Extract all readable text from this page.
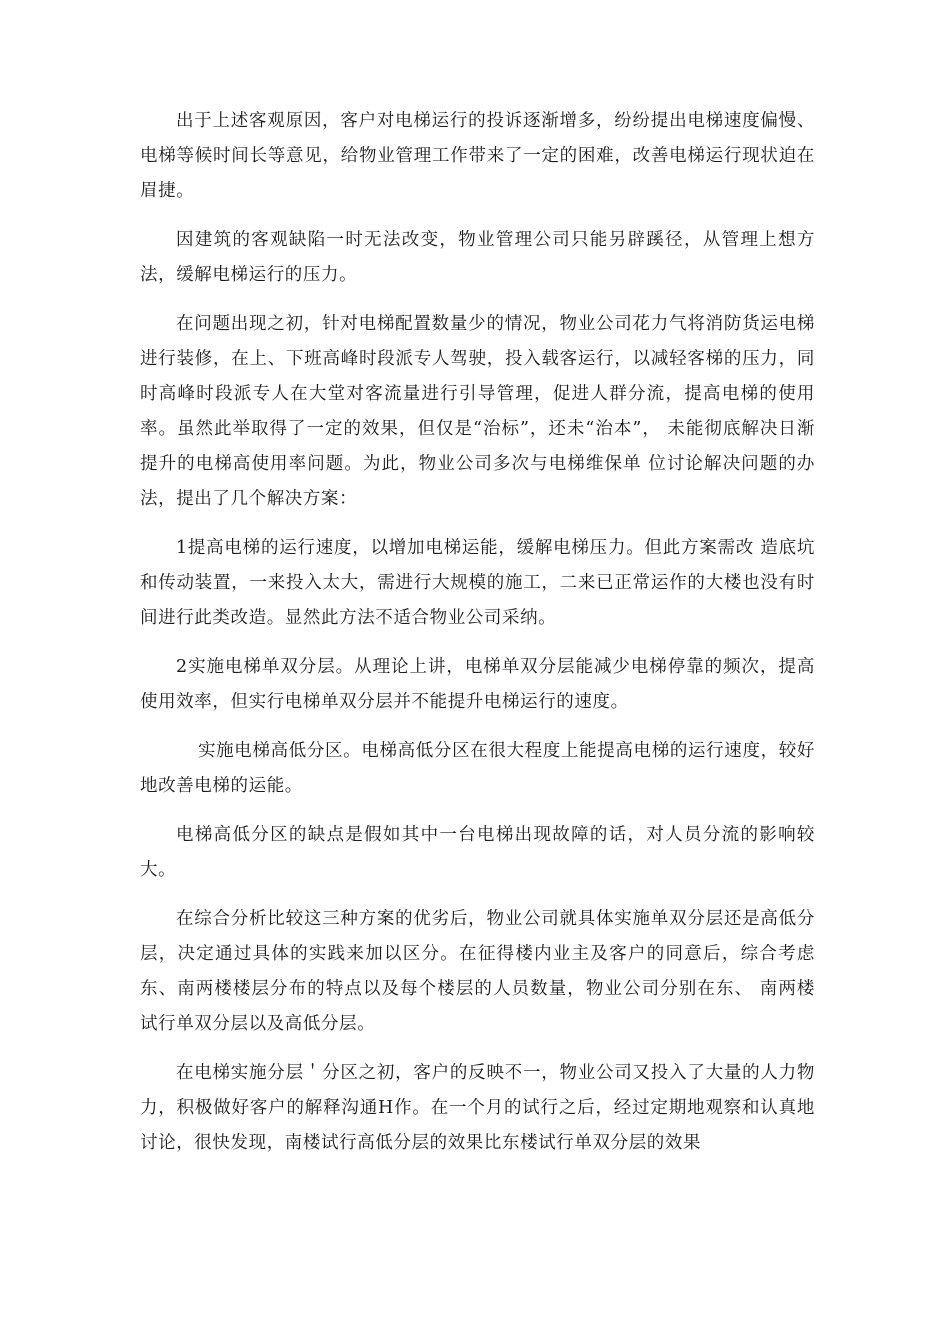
出于上述客观原因，客户对电梯运行的投诉逐渐增多，纷纷提出电梯速度偏慢、电梯等候时间长等意见，给物业管理工作带来了一定的困难，改善电梯运行现状迫在眉捷。

因建筑的客观缺陷一时无法改变，物业管理公司只能另辟蹊径，从管理上想方法，缓解电梯运行的压力。

在问题出现之初，针对电梯配置数量少的情况，物业公司花力气将消防货运电梯进行装修，在上、下班高峰时段派专人驾驶，投入载客运行，以减轻客梯的压力，同时高峰时段派专人在大堂对客流量进行引导管理，促进人群分流，提高电梯的使用率。虽然此举取得了一定的效果，但仅是“治标”，还未“治本”， 未能彻底解决日渐提升的电梯高使用率问题。为此，物业公司多次与电梯维保单 位讨论解决问题的办法，提出了几个解决方案：

1提高电梯的运行速度，以增加电梯运能，缓解电梯压力。但此方案需改 造底坑和传动装置，一来投入太大，需进行大规模的施工，二来已正常运作的大楼也没有时间进行此类改造。显然此方法不适合物业公司采纳。

2实施电梯单双分层。从理论上讲，电梯单双分层能减少电梯停靠的频次，提高使用效率，但实行电梯单双分层并不能提升电梯运行的速度。

实施电梯高低分区。电梯高低分区在很大程度上能提高电梯的运行速度，较好地改善电梯的运能。

电梯高低分区的缺点是假如其中一台电梯出现故障的话，对人员分流的影响较大。

在综合分析比较这三种方案的优劣后，物业公司就具体实施单双分层还是高低分层，决定通过具体的实践来加以区分。在征得楼内业主及客户的同意后，综合考虑东、南两楼楼层分布的特点以及每个楼层的人员数量，物业公司分别在东、 南两楼试行单双分层以及高低分层。

在电梯实施分层＇分区之初，客户的反映不一，物业公司又投入了大量的人力物力，积极做好客户的解释沟通H作。在一个月的试行之后，经过定期地观察和认真地讨论，很快发现，南楼试行高低分层的效果比东楼试行单双分层的效果
